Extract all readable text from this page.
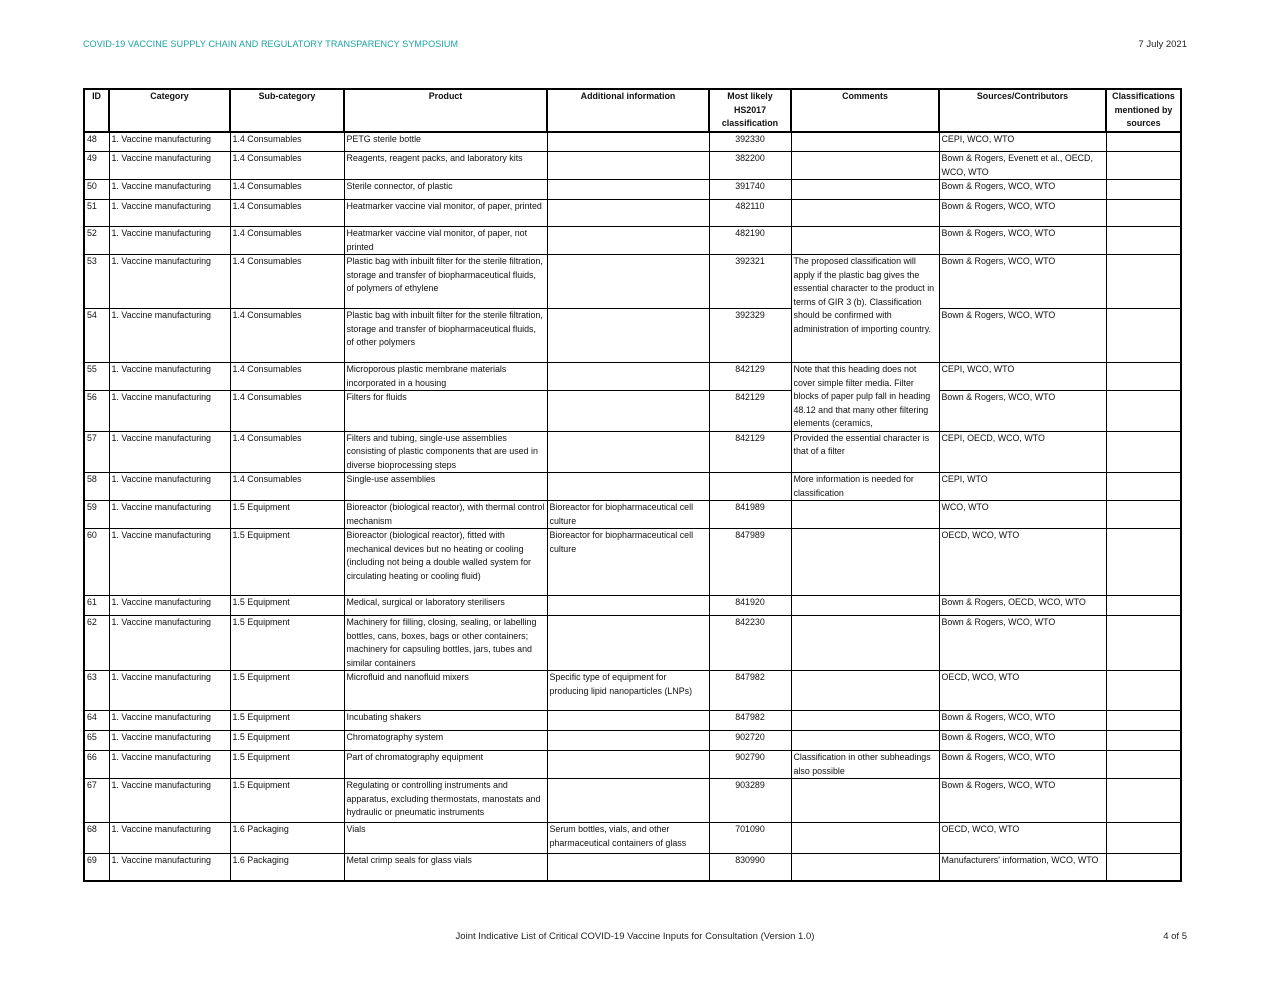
COVID-19 VACCINE SUPPLY CHAIN AND REGULATORY TRANSPARENCY SYMPOSIUM	7 July 2021
ID	Category	Sub-category	Product	Additional information	Most likely HS2017 classification	Comments	Sources/Contributors	Classifications mentioned by sources
48	1. Vaccine manufacturing	1.4 Consumables	PETG sterile bottle		392330		CEPI, WCO, WTO	
49	1. Vaccine manufacturing	1.4 Consumables	Reagents, reagent packs, and laboratory kits		382200		Bown & Rogers, Evenett et al., OECD, WCO, WTO	
50	1. Vaccine manufacturing	1.4 Consumables	Sterile connector, of plastic		391740		Bown & Rogers, WCO, WTO	
51	1. Vaccine manufacturing	1.4 Consumables	Heatmarker vaccine vial monitor, of paper, printed		482110		Bown & Rogers, WCO, WTO	
52	1. Vaccine manufacturing	1.4 Consumables	Heatmarker vaccine vial monitor, of paper, not printed		482190		Bown & Rogers, WCO, WTO	
53	1. Vaccine manufacturing	1.4 Consumables	Plastic bag with inbuilt filter for the sterile filtration, storage and transfer of biopharmaceutical fluids, of polymers of ethylene		392321	The proposed classification will apply if the plastic bag gives the essential character to the product in terms of GIR 3 (b). Classification should be confirmed with administration of importing country.	Bown & Rogers, WCO, WTO	
54	1. Vaccine manufacturing	1.4 Consumables	Plastic bag with inbuilt filter for the sterile filtration, storage and transfer of biopharmaceutical fluids, of other polymers		392329		Bown & Rogers, WCO, WTO	
55	1. Vaccine manufacturing	1.4 Consumables	Microporous plastic membrane materials incorporated in a housing		842129	Note that this heading does not cover simple filter media. Filter blocks of paper pulp fall in heading 48.12 and that many other filtering elements (ceramics,	CEPI, WCO, WTO	
56	1. Vaccine manufacturing	1.4 Consumables	Filters for fluids		842129		Bown & Rogers, WCO, WTO	
57	1. Vaccine manufacturing	1.4 Consumables	Filters and tubing, single-use assemblies consisting of plastic components that are used in diverse bioprocessing steps		842129	Provided the essential character is that of a filter	CEPI, OECD, WCO, WTO	
58	1. Vaccine manufacturing	1.4 Consumables	Single-use assemblies			More information is needed for classification	CEPI, WTO	
59	1. Vaccine manufacturing	1.5 Equipment	Bioreactor (biological reactor), with thermal control mechanism	Bioreactor for biopharmaceutical cell culture	841989		WCO, WTO	
60	1. Vaccine manufacturing	1.5 Equipment	Bioreactor (biological reactor), fitted with mechanical devices but no heating or cooling (including not being a double walled system for circulating heating or cooling fluid)	Bioreactor for biopharmaceutical cell culture	847989		OECD, WCO, WTO	
61	1. Vaccine manufacturing	1.5 Equipment	Medical, surgical or laboratory sterilisers		841920		Bown & Rogers, OECD, WCO, WTO	
62	1. Vaccine manufacturing	1.5 Equipment	Machinery for filling, closing, sealing, or labelling bottles, cans, boxes, bags or other containers; machinery for capsuling bottles, jars, tubes and similar containers		842230		Bown & Rogers, WCO, WTO	
63	1. Vaccine manufacturing	1.5 Equipment	Microfluid and nanofluid mixers	Specific type of equipment for producing lipid nanoparticles (LNPs)	847982		OECD, WCO, WTO	
64	1. Vaccine manufacturing	1.5 Equipment	Incubating shakers		847982		Bown & Rogers, WCO, WTO	
65	1. Vaccine manufacturing	1.5 Equipment	Chromatography system		902720		Bown & Rogers, WCO, WTO	
66	1. Vaccine manufacturing	1.5 Equipment	Part of chromatography equipment		902790	Classification in other subheadings also possible	Bown & Rogers, WCO, WTO	
67	1. Vaccine manufacturing	1.5 Equipment	Regulating or controlling instruments and apparatus, excluding thermostats, manostats and hydraulic or pneumatic instruments		903289		Bown & Rogers, WCO, WTO	
68	1. Vaccine manufacturing	1.6 Packaging	Vials	Serum bottles, vials, and other pharmaceutical containers of glass	701090		OECD, WCO, WTO	
69	1. Vaccine manufacturing	1.6 Packaging	Metal crimp seals for glass vials		830990		Manufacturers' information, WCO, WTO	
Joint Indicative List of Critical COVID-19 Vaccine Inputs for Consultation (Version 1.0)	4 of 5
